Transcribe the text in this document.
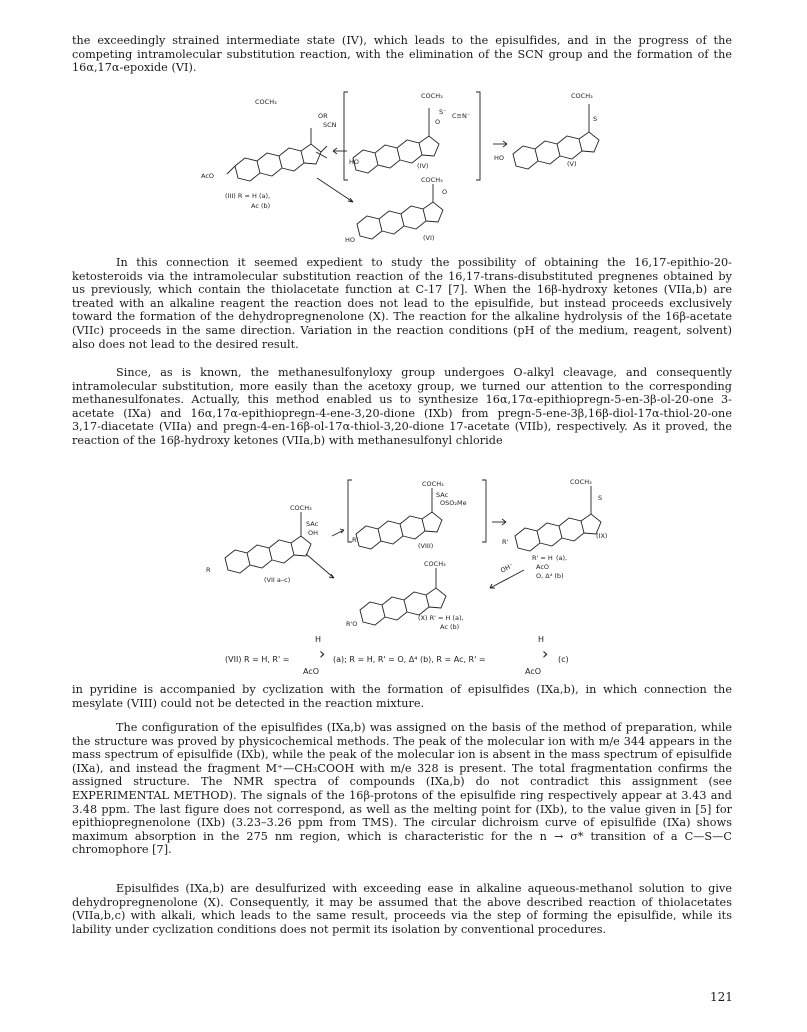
the exceedingly strained intermediate state (IV), which leads to the episulfides, and in the progress of the competing intramolecular substitution reaction, with the elimination of the SCN group and the formation of the 16α,17α-epoxide (VI).

COCH₃
OR
SCN
AcO
(III) R = H (a),
Ac (b)
COCH₃
S⁻ C≡N⁻
O
HO	(IV)
COCH₃
S
HO
(V)
COCH₃
O
HO	(VI)

In this connection it seemed expedient to study the possibility of obtaining the 16,17-epithio-20-ketosteroids via the intramolecular substitution reaction of the 16,17-trans-disubstituted pregnenes obtained by us previously, which contain the thiolacetate function at C-17 [7]. When the 16β-hydroxy ketones (VIIa,b) are treated with an alkaline reagent the reaction does not lead to the episulfide, but instead proceeds exclusively toward the formation of the dehydropregnenolone (X). The reaction for the alkaline hydrolysis of the 16β-acetate (VIIc) proceeds in the same direction. Variation in the reaction conditions (pH of the medium, reagent, solvent) also does not lead to the desired result.

Since, as is known, the methanesulfonyloxy group undergoes O-alkyl cleavage, and consequently intramolecular substitution, more easily than the acetoxy group, we turned our attention to the corresponding methanesulfonates. Actually, this method enabled us to synthesize 16α,17α-epithiopregn-5-en-3β-ol-20-one 3-acetate (IXa) and 16α,17α-epithiopregn-4-ene-3,20-dione (IXb) from pregn-5-ene-3β,16β-diol-17α-thiol-20-one 3,17-diacetate (VIIa) and pregn-4-en-16β-ol-17α-thiol-3,20-dione 17-acetate (VIIb), respectively. As it proved, the reaction of the 16β-hydroxy ketones (VIIa,b) with methanesulfonyl chloride

COCH₃
SAc
OH
R
(VII a–c)
COCH₃
SAc
OSO₂Me
R'
(VIII)
COCH₃
S
R'
(IX)
R' = H (a),
AcO
O, Δ⁴ (b)
OH⁻
COCH₃
R'O
(X) R' = H (a),
Ac (b)
H
(VII) R = H, R' = › (a); R = H, R' = O, Δ⁴ (b), R = Ac, R' =
H
› (c)
AcO	AcO

in pyridine is accompanied by cyclization with the formation of episulfides (IXa,b), in which connection the mesylate (VIII) could not be detected in the reaction mixture.

The configuration of the episulfides (IXa,b) was assigned on the basis of the method of preparation, while the structure was proved by physicochemical methods. The peak of the molecular ion with m/e 344 appears in the mass spectrum of episulfide (IXb), while the peak of the molecular ion is absent in the mass spectrum of episulfide (IXa), and instead the fragment M⁺—CH₃COOH with m/e 328 is present. The total fragmentation confirms the assigned structure. The NMR spectra of compounds (IXa,b) do not contradict this assignment (see EXPERIMENTAL METHOD). The signals of the 16β-protons of the episulfide ring respectively appear at 3.43 and 3.48 ppm. The last figure does not correspond, as well as the melting point for (IXb), to the value given in [5] for epithiopregnenolone (IXb) (3.23–3.26 ppm from TMS). The circular dichroism curve of episulfide (IXa) shows maximum absorption in the 275 nm region, which is characteristic for the n → σ* transition of a C—S—C chromophore [7].

Episulfides (IXa,b) are desulfurized with exceeding ease in alkaline aqueous-methanol solution to give dehydropregnenolone (X). Consequently, it may be assumed that the above described reaction of thiolacetates (VIIa,b,c) with alkali, which leads to the same result, proceeds via the step of forming the episulfide, while its lability under cyclization conditions does not permit its isolation by conventional procedures.

121
